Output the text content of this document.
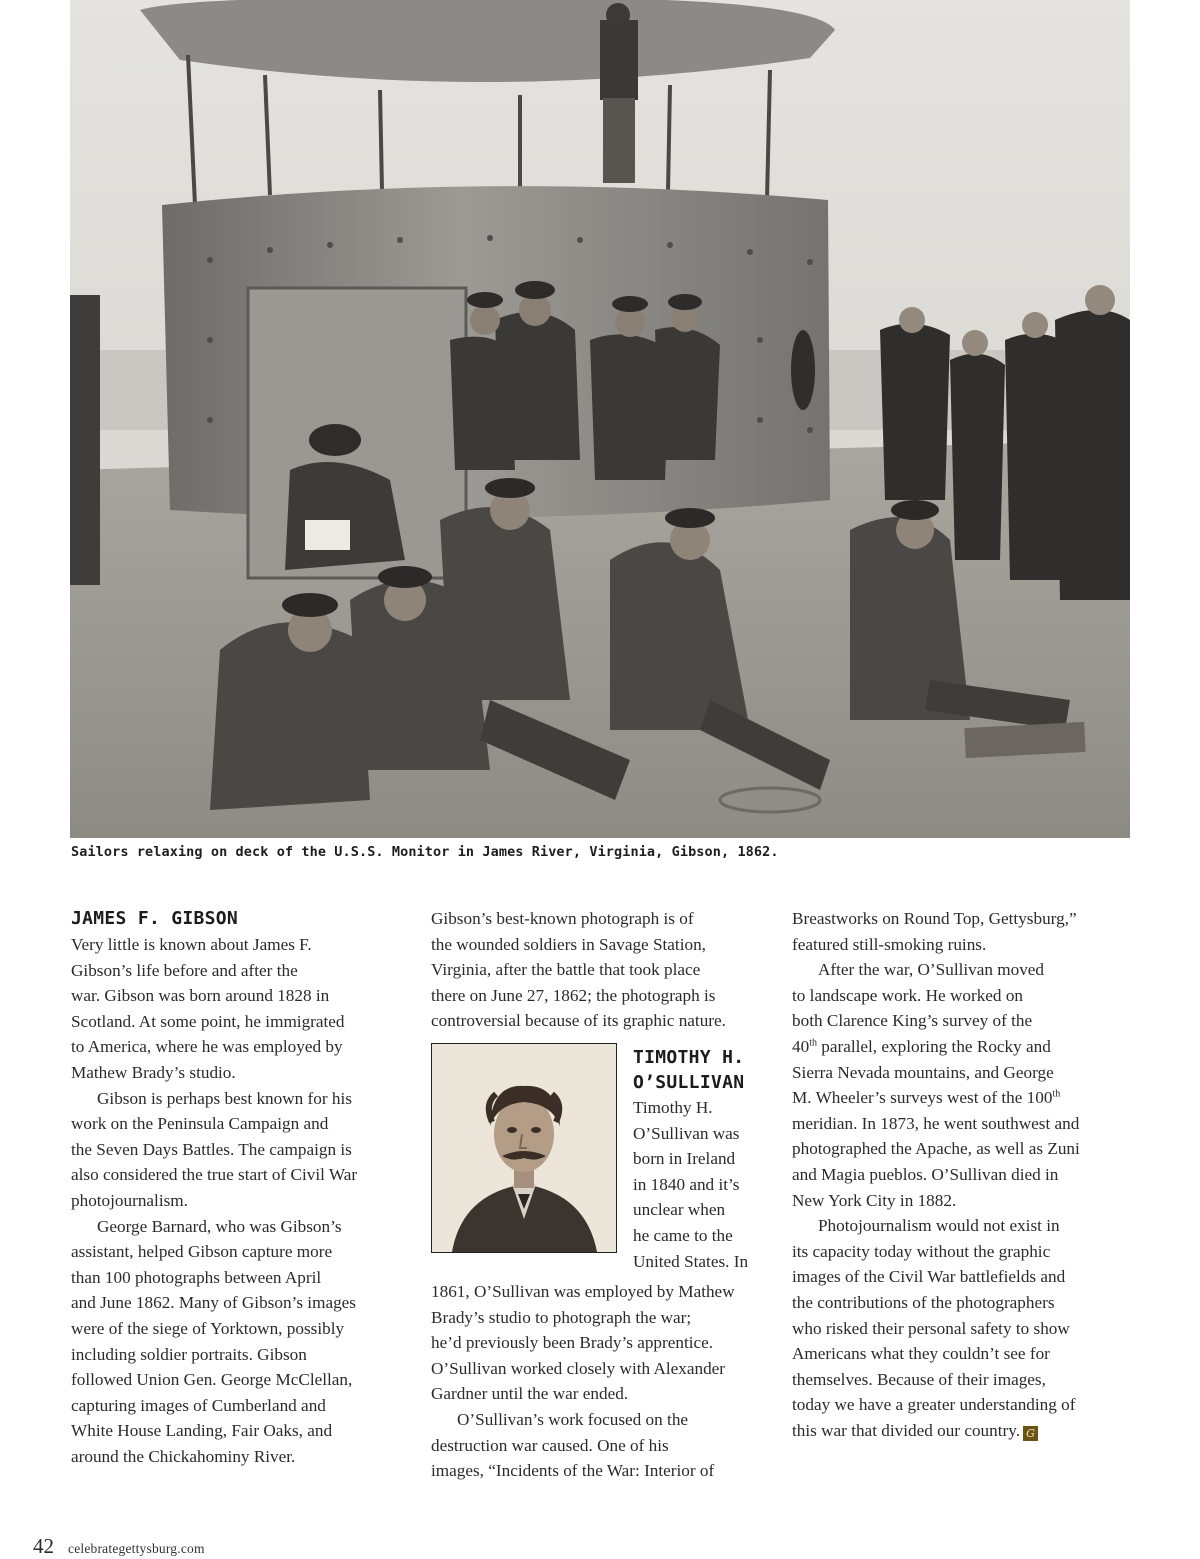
Sailors relaxing on deck of the U.S.S. Monitor in James River, Virginia, Gibson, 1862.
JAMES F. GIBSON

Very little is known about James F.
Gibson’s life before and after the
war. Gibson was born around 1828 in
Scotland. At some point, he immigrated
to America, where he was employed by
Mathew Brady’s studio.

Gibson is perhaps best known for his
work on the Peninsula Campaign and
the Seven Days Battles. The campaign is
also considered the true start of Civil War
photojournalism.

George Barnard, who was Gibson’s
assistant, helped Gibson capture more
than 100 photographs between April
and June 1862. Many of Gibson’s images
were of the siege of Yorktown, possibly
including soldier portraits. Gibson
followed Union Gen. George McClellan,
capturing images of Cumberland and
White House Landing, Fair Oaks, and
around the Chickahominy River.

Gibson’s best-known photograph is of
the wounded soldiers in Savage Station,
Virginia, after the battle that took place
there on June 27, 1862; the photograph is
controversial because of its graphic nature.

TIMOTHY H.
O’SULLIVAN
Timothy H.
O’Sullivan was
born in Ireland
in 1840 and it’s
unclear when
he came to the
United States. In

1861, O’Sullivan was employed by Mathew
Brady’s studio to photograph the war;
he’d previously been Brady’s apprentice.
O’Sullivan worked closely with Alexander
Gardner until the war ended.

O’Sullivan’s work focused on the
destruction war caused. One of his
images, “Incidents of the War: Interior of

Breastworks on Round Top, Gettysburg,”
featured still-smoking ruins.

After the war, O’Sullivan moved
to landscape work. He worked on
both Clarence King’s survey of the
40th parallel, exploring the Rocky and
Sierra Nevada mountains, and George
M. Wheeler’s surveys west of the 100th
meridian. In 1873, he went southwest and
photographed the Apache, as well as Zuni
and Magia pueblos. O’Sullivan died in
New York City in 1882.

Photojournalism would not exist in
its capacity today without the graphic
images of the Civil War battlefields and
the contributions of the photographers
who risked their personal safety to show
Americans what they couldn’t see for
themselves. Because of their images,
today we have a greater understanding of
this war that divided our country. G

42 celebrategettysburg.com
